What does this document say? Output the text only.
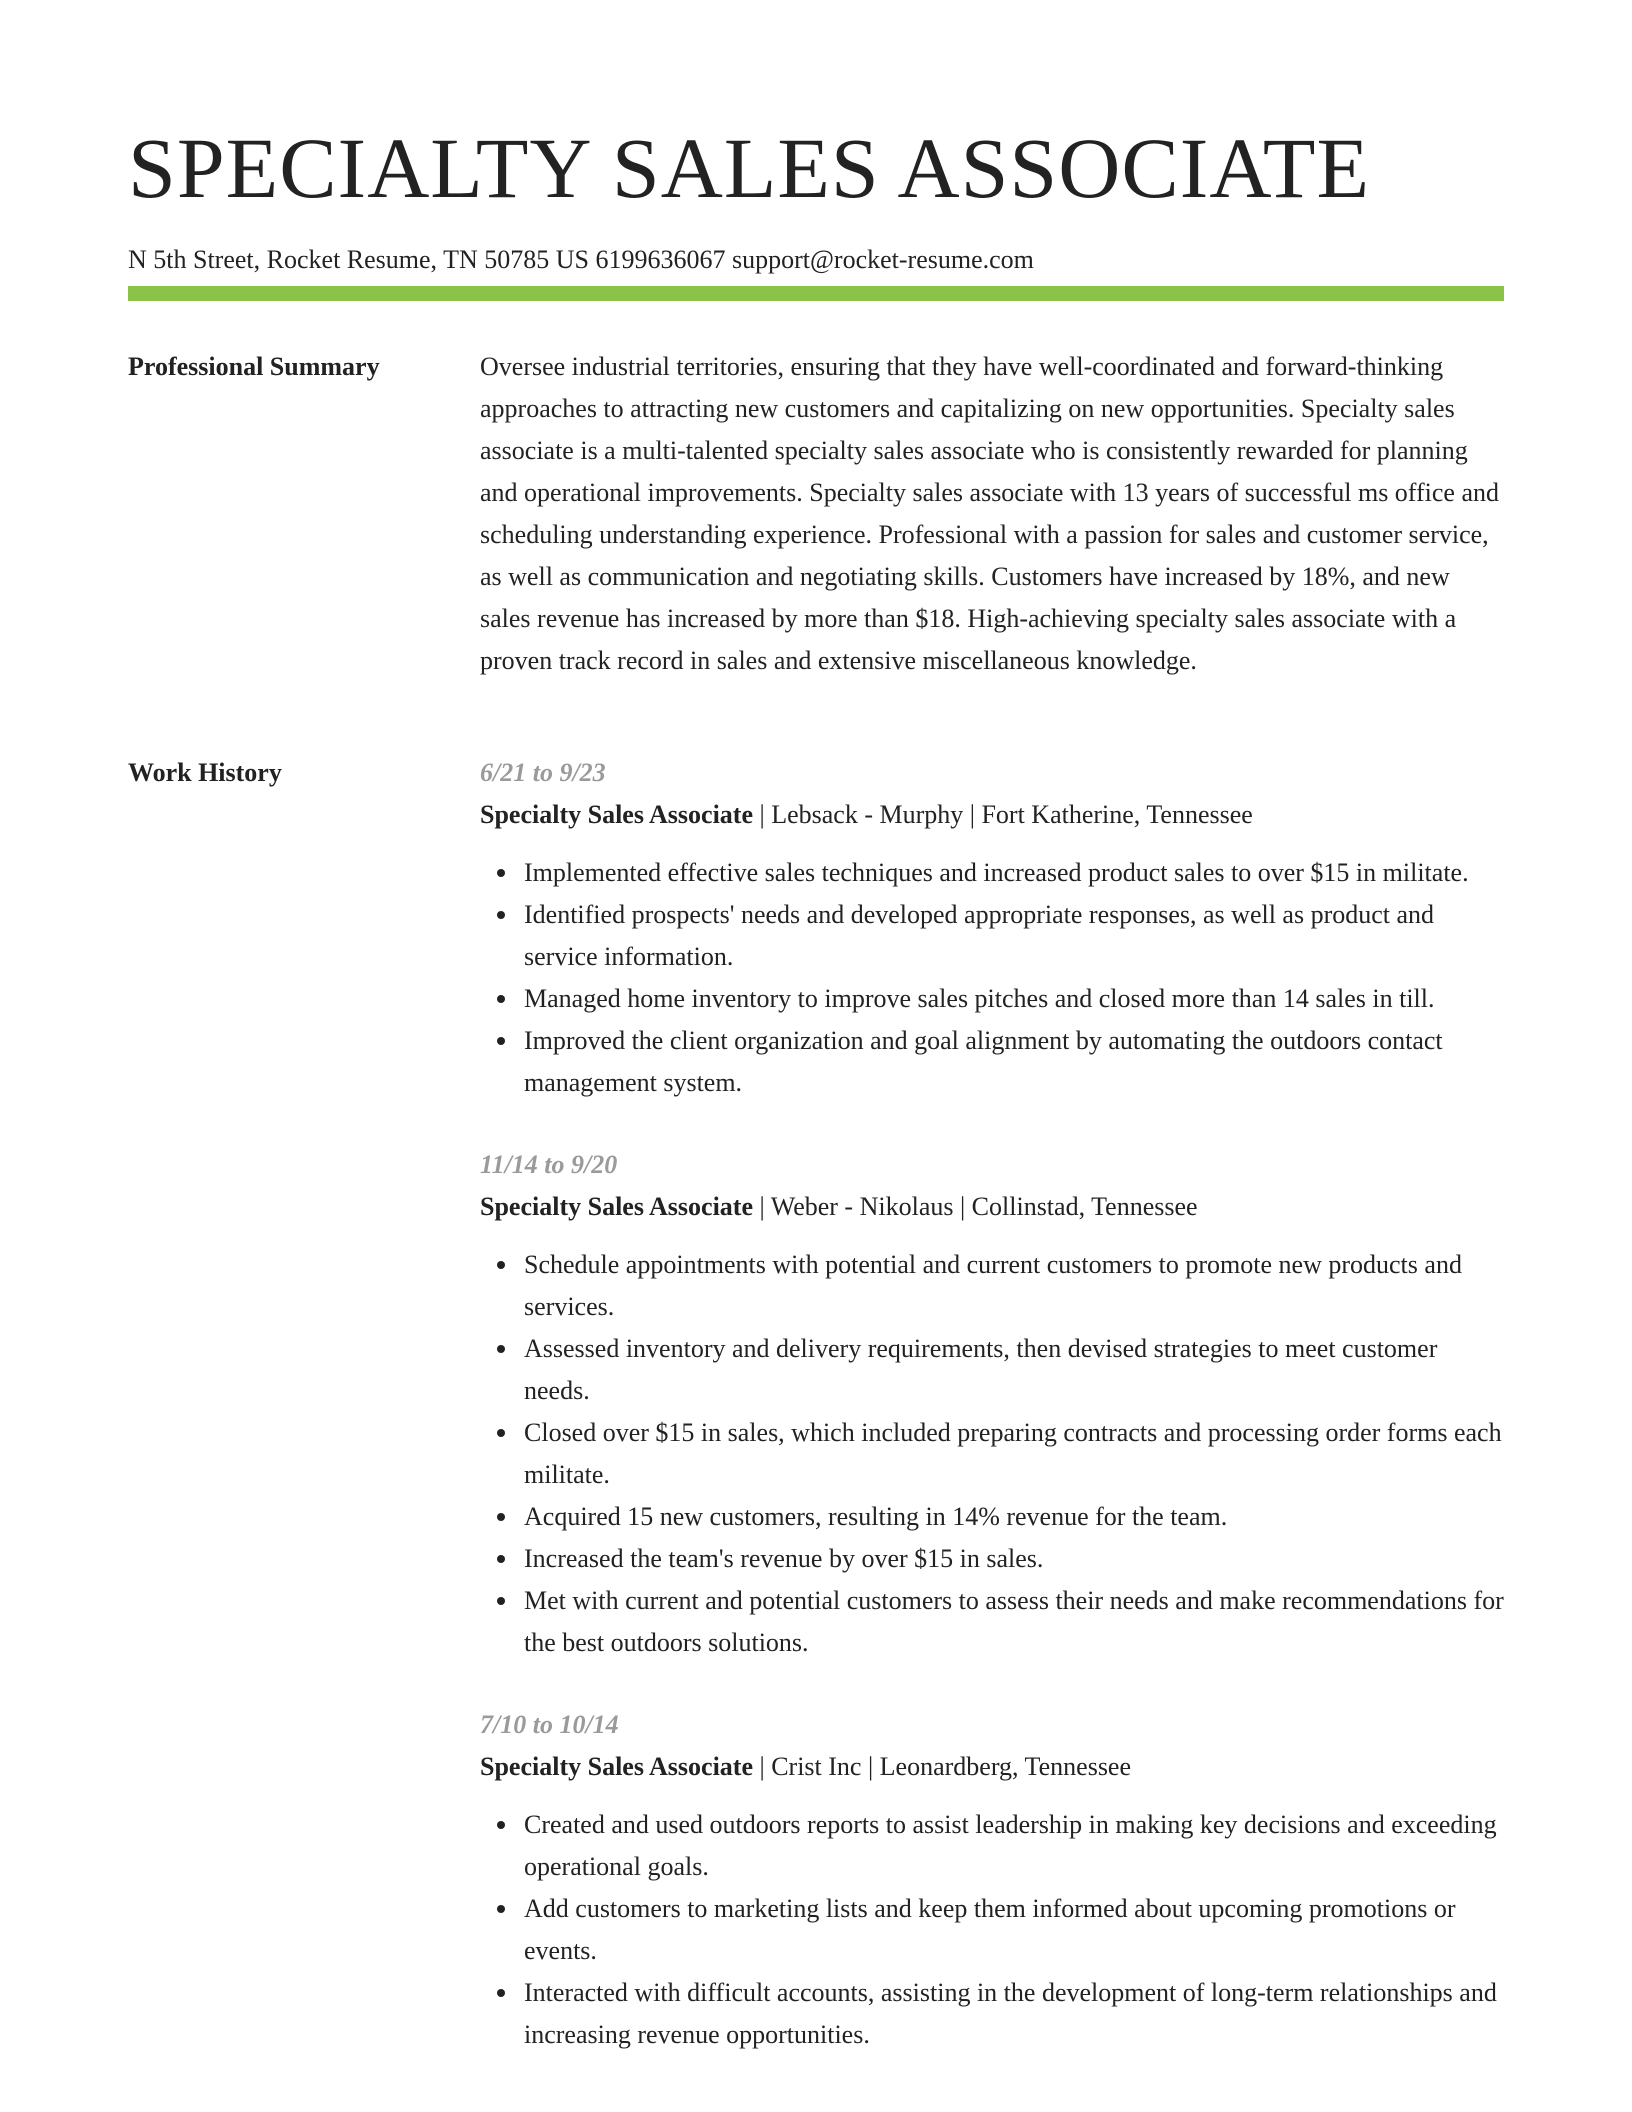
SPECIALTY SALES ASSOCIATE
N 5th Street, Rocket Resume, TN 50785 US 6199636067 support@rocket-resume.com
Professional Summary	Oversee industrial territories, ensuring that they have well-coordinated and forward-thinking approaches to attracting new customers and capitalizing on new opportunities. Specialty sales associate is a multi-talented specialty sales associate who is consistently rewarded for planning and operational improvements. Specialty sales associate with 13 years of successful ms office and scheduling understanding experience. Professional with a passion for sales and customer service, as well as communication and negotiating skills. Customers have increased by 18%, and new sales revenue has increased by more than $18. High-achieving specialty sales associate with a proven track record in sales and extensive miscellaneous knowledge.

Work History	6/21 to 9/23
Specialty Sales Associate | Lebsack - Murphy | Fort Katherine, Tennessee
Implemented effective sales techniques and increased product sales to over $15 in militate.
Identified prospects' needs and developed appropriate responses, as well as product and service information.
Managed home inventory to improve sales pitches and closed more than 14 sales in till.
Improved the client organization and goal alignment by automating the outdoors contact management system.
11/14 to 9/20
Specialty Sales Associate | Weber - Nikolaus | Collinstad, Tennessee
Schedule appointments with potential and current customers to promote new products and services.
Assessed inventory and delivery requirements, then devised strategies to meet customer needs.
Closed over $15 in sales, which included preparing contracts and processing order forms each militate.
Acquired 15 new customers, resulting in 14% revenue for the team.
Increased the team's revenue by over $15 in sales.
Met with current and potential customers to assess their needs and make recommendations for the best outdoors solutions.
7/10 to 10/14
Specialty Sales Associate | Crist Inc | Leonardberg, Tennessee
Created and used outdoors reports to assist leadership in making key decisions and exceeding operational goals.
Add customers to marketing lists and keep them informed about upcoming promotions or events.
Interacted with difficult accounts, assisting in the development of long-term relationships and increasing revenue opportunities.
